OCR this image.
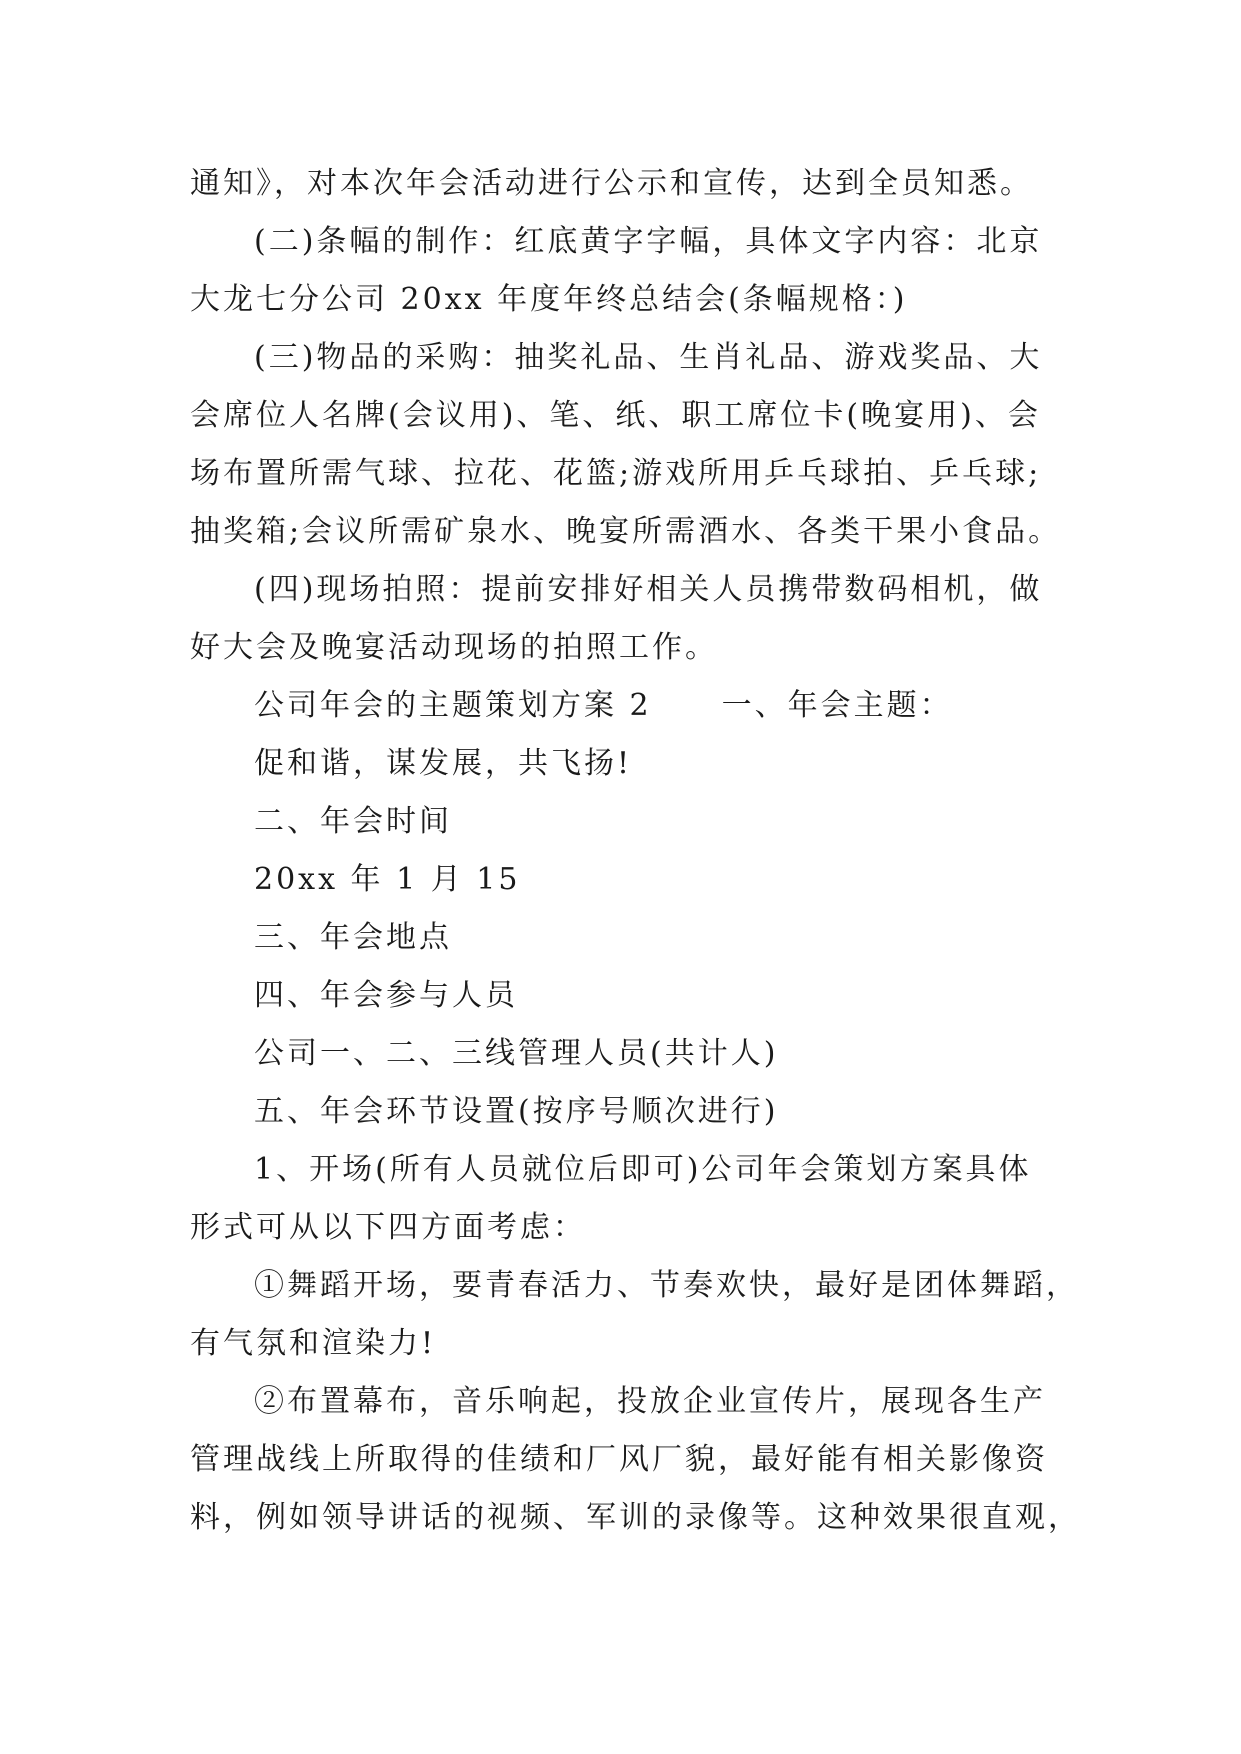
通知》，对本次年会活动进行公示和宣传，达到全员知悉。

(二)条幅的制作：红底黄字字幅，具体文字内容：北京
大龙七分公司 20xx 年度年终总结会(条幅规格：)

(三)物品的采购：抽奖礼品、生肖礼品、游戏奖品、大
会席位人名牌(会议用)、笔、纸、职工席位卡(晚宴用)、会
场布置所需气球、拉花、花篮;游戏所用乒乓球拍、乒乓球;
抽奖箱;会议所需矿泉水、晚宴所需酒水、各类干果小食品。

(四)现场拍照：提前安排好相关人员携带数码相机，做
好大会及晚宴活动现场的拍照工作。

公司年会的主题策划方案 2 一、年会主题：

促和谐，谋发展，共飞扬!

二、年会时间

20xx 年 1 月 15

三、年会地点

四、年会参与人员

公司一、二、三线管理人员(共计人)

五、年会环节设置(按序号顺次进行)

1、开场(所有人员就位后即可)公司年会策划方案具体
形式可从以下四方面考虑：

①舞蹈开场，要青春活力、节奏欢快，最好是团体舞蹈，
有气氛和渲染力!

②布置幕布，音乐响起，投放企业宣传片，展现各生产
管理战线上所取得的佳绩和厂风厂貌，最好能有相关影像资
料，例如领导讲话的视频、军训的录像等。这种效果很直观，
